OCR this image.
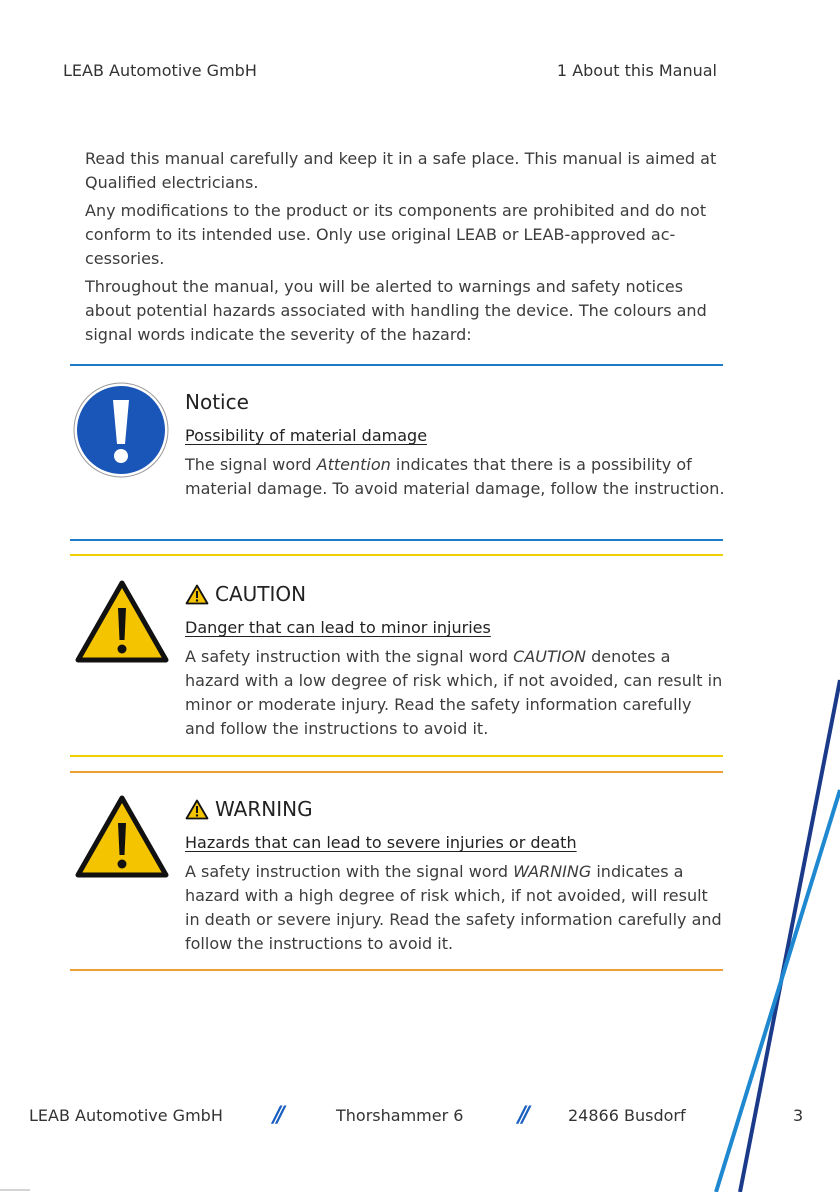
LEAB Automotive GmbH	1 About this Manual

Read this manual carefully and keep it in a safe place. This manual is aimed at Qualified electricians.

Any modifications to the product or its components are prohibited and do not conform to its intended use. Only use original LEAB or LEAB-approved ac-cessories.

Throughout the manual, you will be alerted to warnings and safety notices about potential hazards associated with handling the device. The colours and signal words indicate the severity of the hazard:

Notice
Possibility of material damage
The signal word Attention indicates that there is a possibility of material damage. To avoid material damage, follow the instruction.
CAUTION
Danger that can lead to minor injuries
A safety instruction with the signal word CAUTION denotes a hazard with a low degree of risk which, if not avoided, can result in minor or moderate injury. Read the safety information carefully and follow the instructions to avoid it.
WARNING
Hazards that can lead to severe injuries or death
A safety instruction with the signal word WARNING indicates a hazard with a high degree of risk which, if not avoided, will result in death or severe injury. Read the safety information carefully and follow the instructions to avoid it.
LEAB Automotive GmbH //	Thorshammer 6 //	24866 Busdorf	3
